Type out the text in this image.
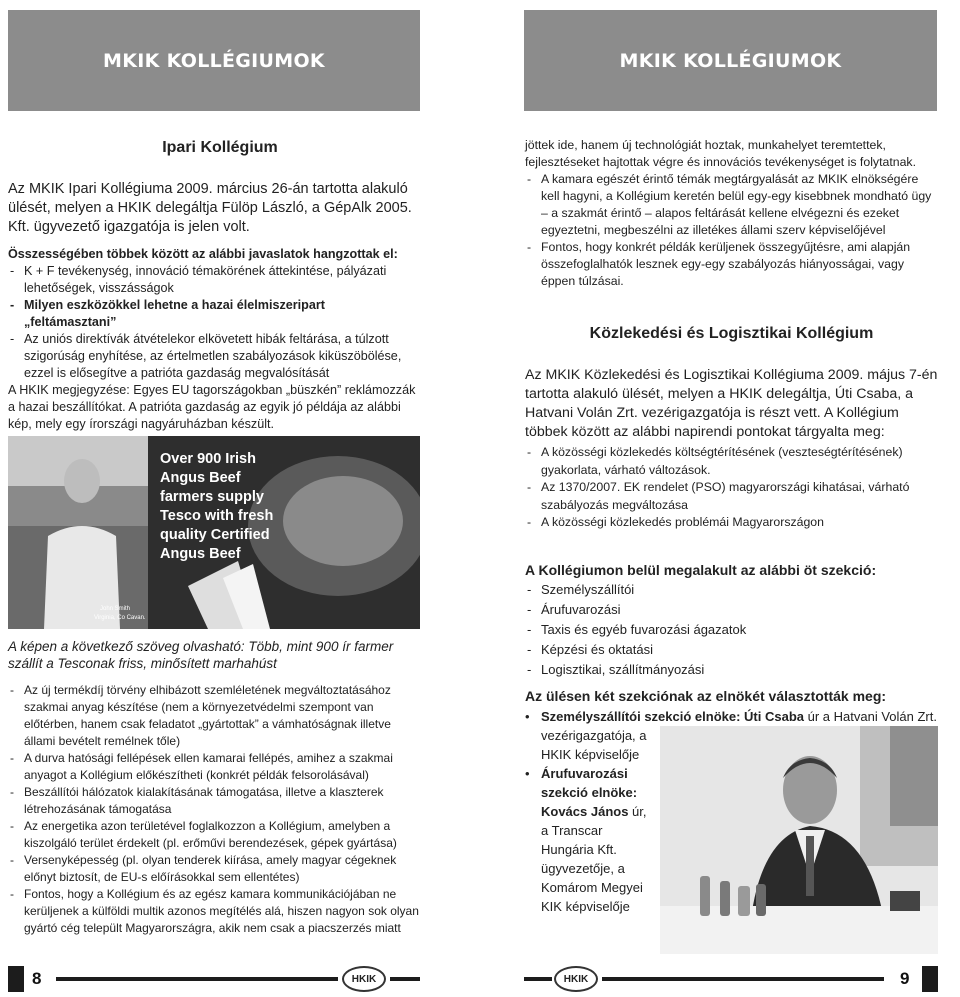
MKIK KOLLÉGIUMOK
Ipari Kollégium
Az MKIK Ipari Kollégiuma 2009. március 26-án tartotta alakuló ülését, melyen a HKIK delegáltja Fülöp László, a GépAlk 2005. Kft. ügyvezető igazgatója is jelen volt.
Összességében többek között az alábbi javaslatok hangzottak el:
- K + F tevékenység, innováció témakörének áttekintése, pályázati lehetőségek, visszásságok
- Milyen eszközökkel lehetne a hazai élelmiszeripart „feltámasztani”
- Az uniós direktívák átvételekor elkövetett hibák feltárása, a túlzott szigorúság enyhítése, az értelmetlen szabályozások kiküszöbölése, ezzel is elősegítve a patrióta gazdaság megvalósítását
A HKIK megjegyzése: Egyes EU tagországokban „büszkén” reklámozzák a hazai beszállítókat. A patrióta gazdaság az egyik jó példája az alábbi kép, mely egy írországi nagyáruházban készült.
Over 900 Irish Angus Beef farmers supply Tesco with fresh quality Certified Angus Beef
John Smith
Virginia, Co Cavan.
A képen a következő szöveg olvasható: Több, mint 900 ír farmer szállít a Tesconak friss, minősített marhahúst
- Az új termékdíj törvény elhibázott szemléletének megváltoztatásához szakmai anyag készítése (nem a környezetvédelmi szempont van előtérben, hanem csak feladatot „gyártottak” a vámhatóságnak illetve állami bevételt remélnek tőle)
- A durva hatósági fellépések ellen kamarai fellépés, amihez a szakmai anyagot a Kollégium előkészítheti (konkrét példák felsorolásával)
- Beszállítói hálózatok kialakításának támogatása, illetve a klaszterek létrehozásának támogatása
- Az energetika azon területével foglalkozzon a Kollégium, amelyben a kiszolgáló terület érdekelt (pl. erőművi berendezések, gépek gyártása)
- Versenyképesség (pl. olyan tenderek kiírása, amely magyar cégeknek előnyt biztosít, de EU-s előírásokkal sem ellentétes)
- Fontos, hogy a Kollégium és az egész kamara kommunikációjában ne kerüljenek a külföldi multik azonos megítélés alá, hiszen nagyon sok olyan gyártó cég települt Magyarországra, akik nem csak a piacszerzés miatt
8	HKIK
MKIK KOLLÉGIUMOK
jöttek ide, hanem új technológiát hoztak, munkahelyet teremtettek, fejlesztéseket hajtottak végre és innovációs tevékenységet is folytatnak.
- A kamara egészét érintő témák megtárgyalását az MKIK elnökségére kell hagyni, a Kollégium keretén belül egy-egy kisebbnek mondható ügy – a szakmát érintő – alapos feltárását kellene elvégezni és ezeket egyeztetni, megbeszélni az illetékes állami szerv képviselőjével
- Fontos, hogy konkrét példák kerüljenek összegyűjtésre, ami alapján összefoglalhatók lesznek egy-egy szabályozás hiányosságai, vagy éppen túlzásai.
Közlekedési és Logisztikai Kollégium
Az MKIK Közlekedési és Logisztikai Kollégiuma 2009. május 7-én tartotta alakuló ülését, melyen a HKIK delegáltja, Úti Csaba, a Hatvani Volán Zrt. vezérigazgatója is részt vett. A Kollégium többek között az alábbi napirendi pontokat tárgyalta meg:
- A közösségi közlekedés költségtérítésének (veszteségtérítésének) gyakorlata, várható változások.
- Az 1370/2007. EK rendelet (PSO) magyarországi kihatásai, várható szabályozás megváltozása
- A közösségi közlekedés problémái Magyarországon
A Kollégiumon belül megalakult az alábbi öt szekció:
- Személyszállítói
- Árufuvarozási
- Taxis és egyéb fuvarozási ágazatok
- Képzési és oktatási
- Logisztikai, szállítmányozási
Az ülésen két szekciónak az elnökét választották meg:
• Személyszállítói szekció elnöke: Úti Csaba úr a Hatvani Volán Zrt.
vezérigazgatója, a HKIK képviselője
• Árufuvarozási szekció elnöke: Kovács János úr, a Transcar Hungária Kft. ügyvezetője, a Komárom Megyei KIK képviselője
HKIK	9
